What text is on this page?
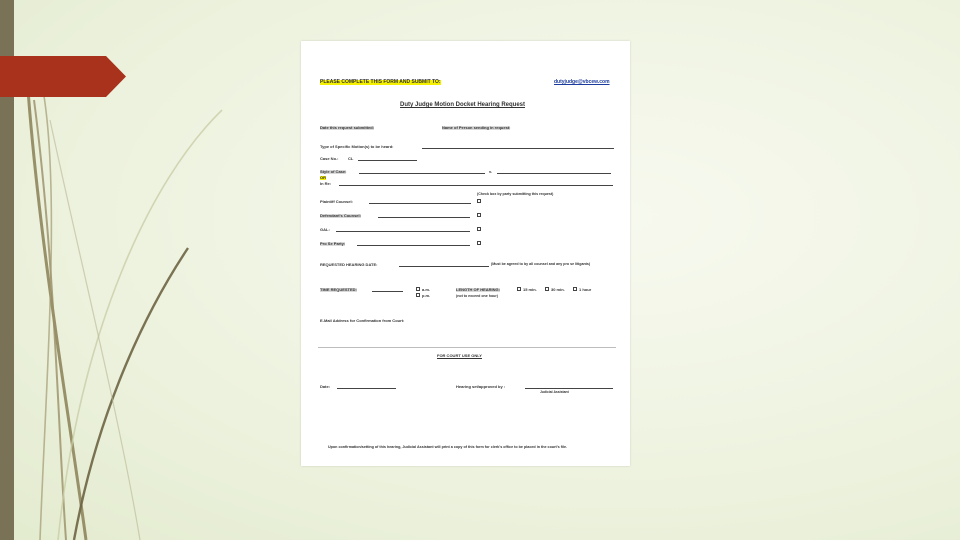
PLEASE COMPLETE THIS FORM AND SUBMIT TO:	dutyjudge@vbcew.com
Duty Judge Motion Docket Hearing Request
Date this request submitted:	Name of Person sending in request:
Type of Specific Motion(s) to be heard:
Case No.: CL
Style of Case:	v.
OR
In Re:
(Check box by party submitting this request)
Plaintiff Counsel:
Defendant's Counsel:
GAL:
Pro Se Party:
REQUESTED HEARING DATE:	(Must be agreed to by all counsel and any pro se litigants)
TIME REQUESTED:	a.m.
p.m.
LENGTH OF HEARING:	15 min.	30 min.	1 hour
(not to exceed one hour)
E-Mail Address for Confirmation from Court:
FOR COURT USE ONLY
Date:	Hearing set/approved by :
Judicial Assistant
Upon confirmation/setting of this hearing, Judicial Assistant will print a copy of this form for clerk's office to be placed in the court's file.
